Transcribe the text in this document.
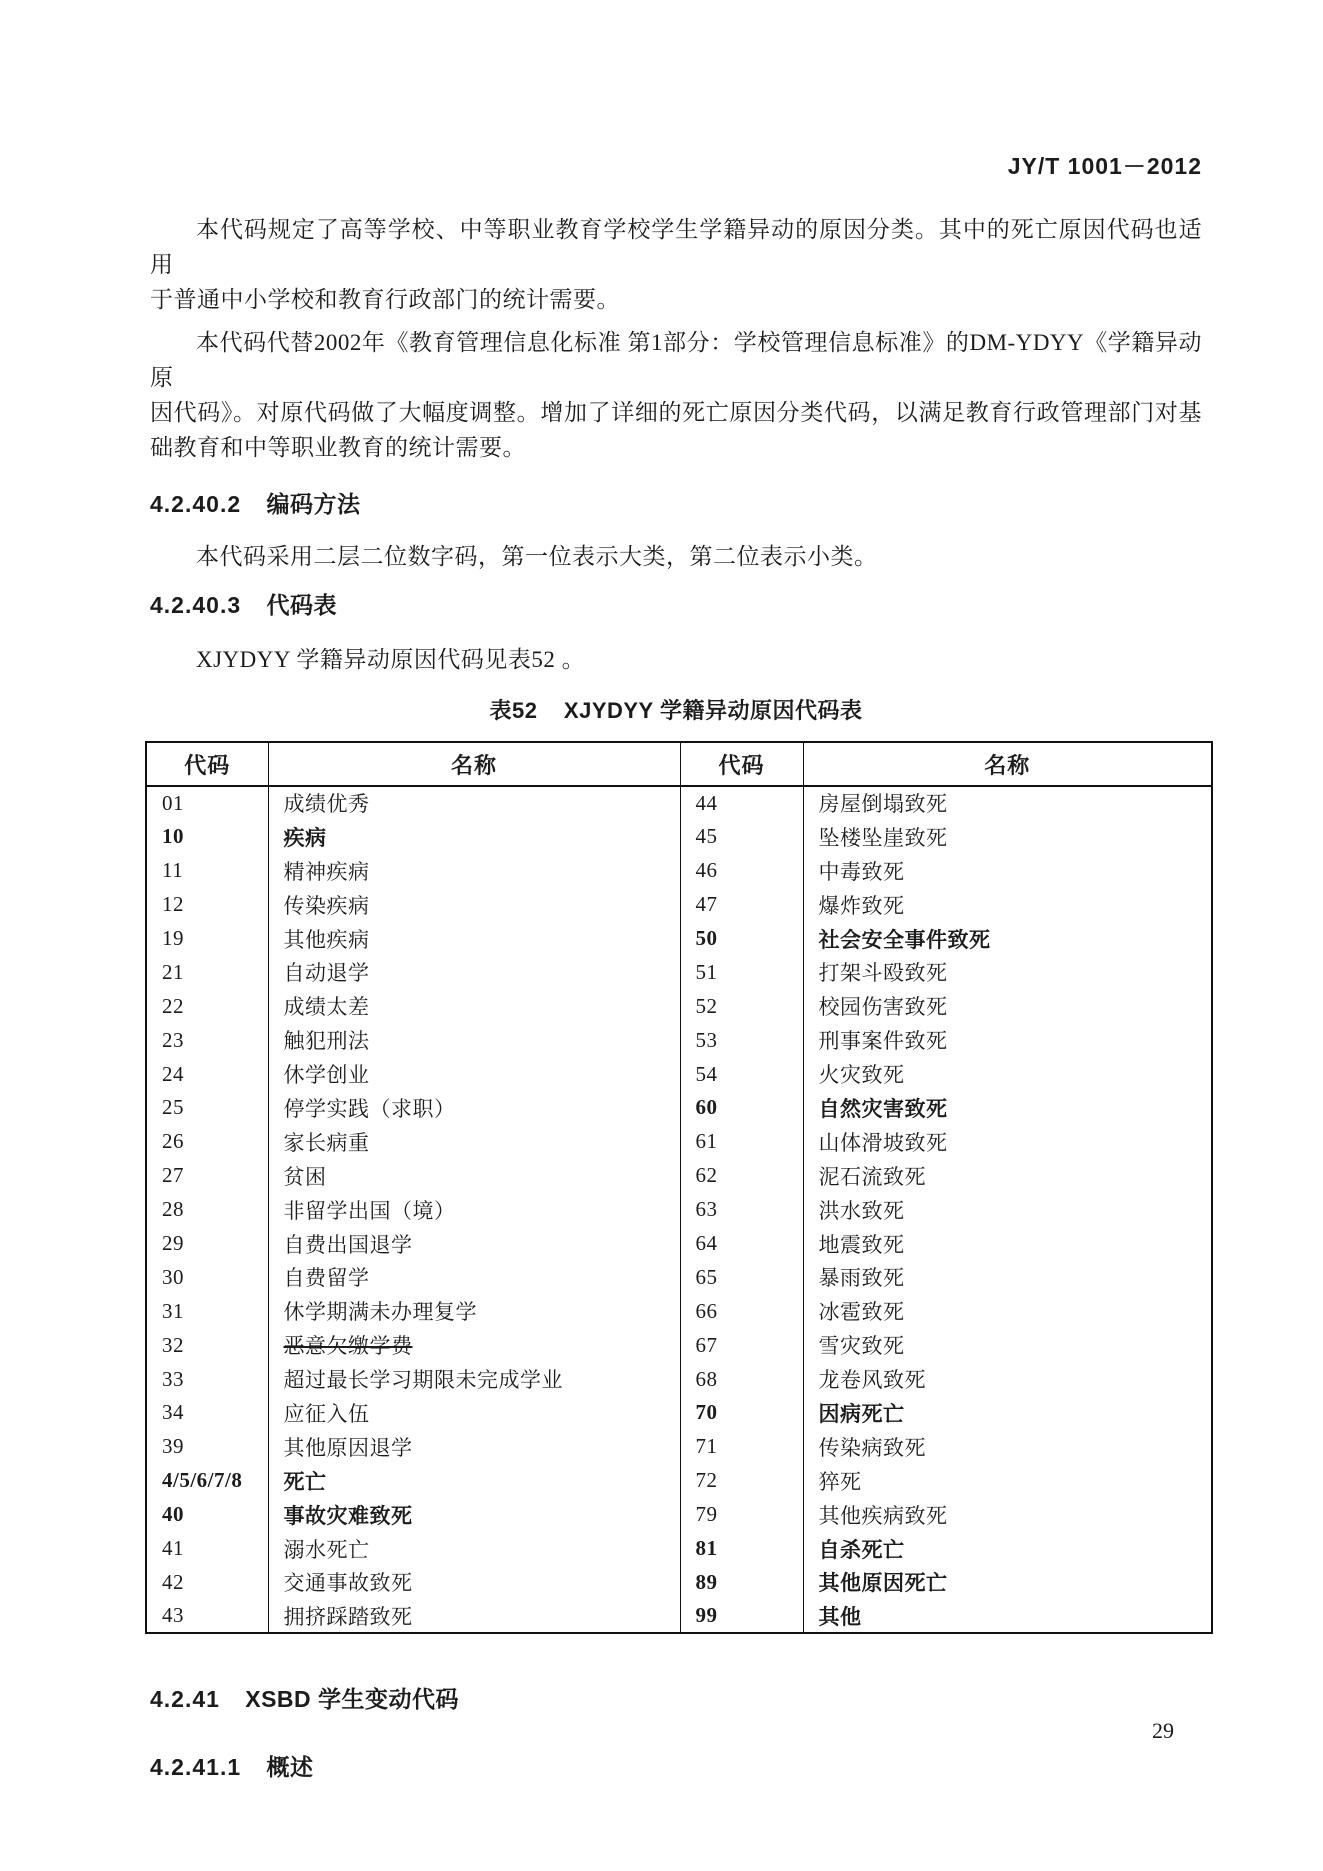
JY/T 1001－2012
本代码规定了高等学校、中等职业教育学校学生学籍异动的原因分类。其中的死亡原因代码也适用
于普通中小学校和教育行政部门的统计需要。
本代码代替2002年《教育管理信息化标准 第1部分：学校管理信息标准》的DM-YDYY《学籍异动原
因代码》。对原代码做了大幅度调整。增加了详细的死亡原因分类代码，以满足教育行政管理部门对基
础教育和中等职业教育的统计需要。
4.2.40.2 编码方法
本代码采用二层二位数字码，第一位表示大类，第二位表示小类。
4.2.40.3 代码表
XJYDYY 学籍异动原因代码见表52 。
表52 XJYDYY 学籍异动原因代码表
代码	名称	代码	名称
01	成绩优秀	44	房屋倒塌致死
10	疾病	45	坠楼坠崖致死
11	精神疾病	46	中毒致死
12	传染疾病	47	爆炸致死
19	其他疾病	50	社会安全事件致死
21	自动退学	51	打架斗殴致死
22	成绩太差	52	校园伤害致死
23	触犯刑法	53	刑事案件致死
24	休学创业	54	火灾致死
25	停学实践（求职）	60	自然灾害致死
26	家长病重	61	山体滑坡致死
27	贫困	62	泥石流致死
28	非留学出国（境）	63	洪水致死
29	自费出国退学	64	地震致死
30	自费留学	65	暴雨致死
31	休学期满未办理复学	66	冰雹致死
32	恶意欠缴学费	67	雪灾致死
33	超过最长学习期限未完成学业	68	龙卷风致死
34	应征入伍	70	因病死亡
39	其他原因退学	71	传染病致死
4/5/6/7/8	死亡	72	猝死
40	事故灾难致死	79	其他疾病致死
41	溺水死亡	81	自杀死亡
42	交通事故致死	89	其他原因死亡
43	拥挤踩踏致死	99	其他
4.2.41 XSBD 学生变动代码
4.2.41.1 概述
29
